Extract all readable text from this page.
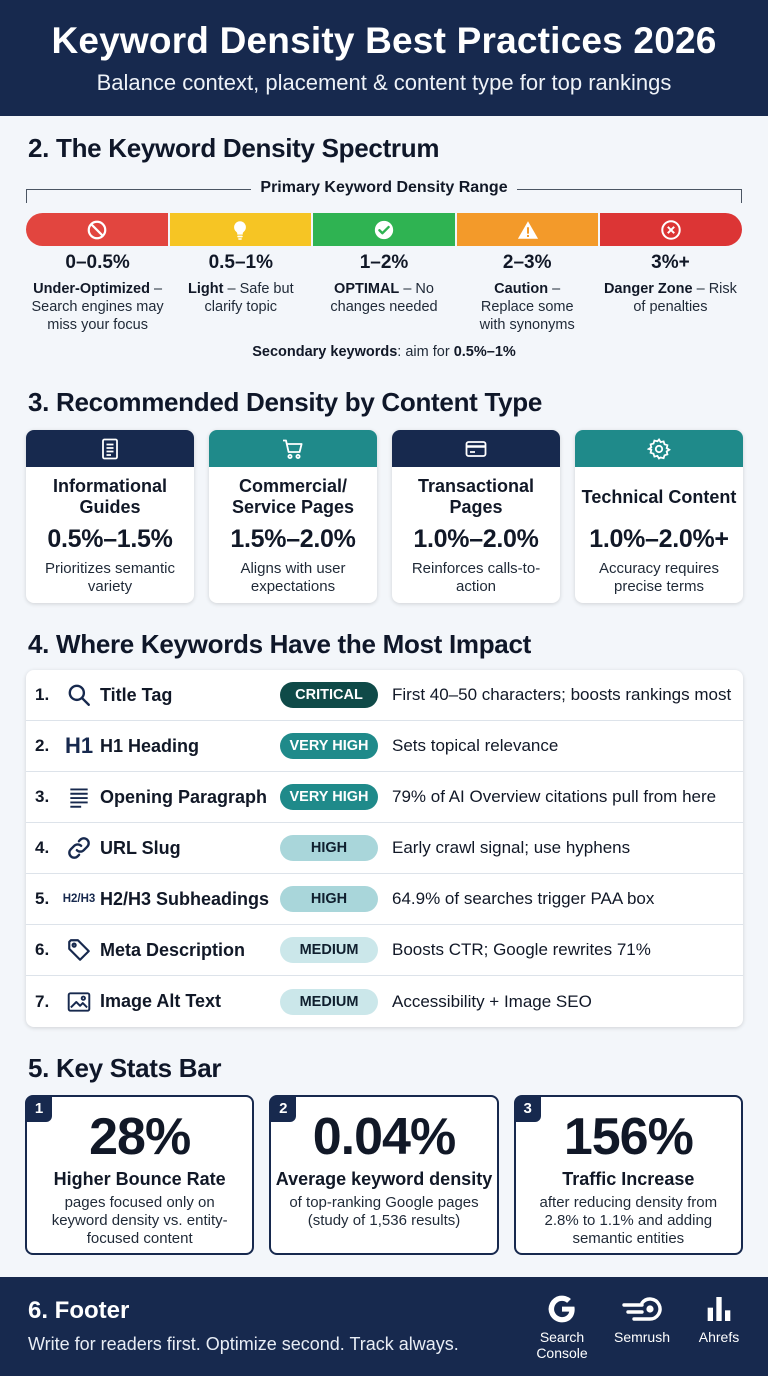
Keyword Density Best Practices 2026
Balance context, placement & content type for top rankings
2. The Keyword Density Spectrum
Primary Keyword Density Range
0–0.5%
Under-Optimized – Search engines may miss your focus
0.5–1%
Light – Safe but clarify topic
1–2%
OPTIMAL – No changes needed
2–3%
Caution – Replace some with synonyms
3%+
Danger Zone – Risk of penalties
Secondary keywords: aim for 0.5%–1%
3. Recommended Density by Content Type
Informational Guides
0.5%–1.5%
Prioritizes semantic variety
Commercial/ Service Pages
1.5%–2.0%
Aligns with user expectations
Transactional Pages
1.0%–2.0%
Reinforces calls-to-action
Technical Content
1.0%–2.0%+
Accuracy requires precise terms
4. Where Keywords Have the Most Impact
1.	Title Tag	CRITICAL	First 40–50 characters; boosts rankings most
2. H1 H1 Heading	VERY HIGH	Sets topical relevance
3.	Opening Paragraph	VERY HIGH	79% of AI Overview citations pull from here
4.	URL Slug	HIGH	Early crawl signal; use hyphens
5.	H2/H3 H2/H3 Subheadings	HIGH	64.9% of searches trigger PAA box
6.	Meta Description	MEDIUM	Boosts CTR; Google rewrites 71%
7.	Image Alt Text	MEDIUM	Accessibility + Image SEO
5. Key Stats Bar
1 28%
Higher Bounce Rate
pages focused only on keyword density vs. entity-focused content
2 0.04%
Average keyword density
of top-ranking Google pages (study of 1,536 results)
3 156%
Traffic Increase
after reducing density from 2.8% to 1.1% and adding semantic entities
6. Footer
Write for readers first. Optimize second. Track always.	Search Console
Semrush	Ahrefs
